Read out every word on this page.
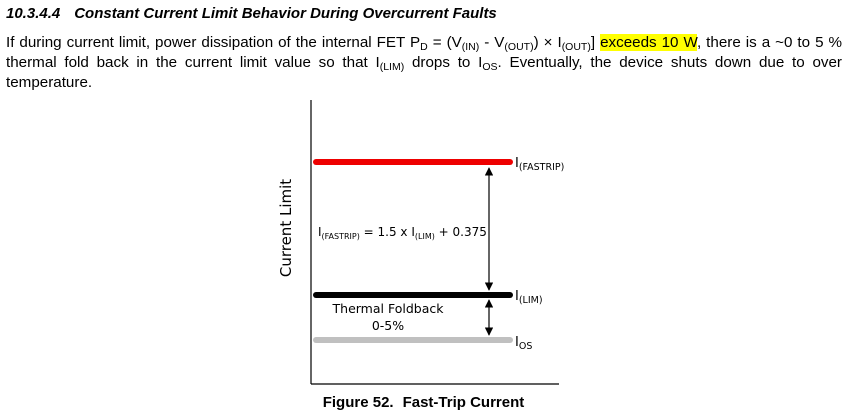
10.3.4.4 Constant Current Limit Behavior During Overcurrent Faults
If during current limit, power dissipation of the internal FET $P_D = (V_{(IN)} - V_{(OUT)}) \times I_{(OUT)}$] exceeds 10 W, there is a ~0 to 5 % thermal fold back in the current limit value so that $I_{(LIM)}$ drops to $I_{OS}$. Eventually, the device shuts down due to over temperature.
Current Limit
$I_{(FASTRIP)}$
$I_{(LIM)}$
$I_{OS}$
$I_{(FASTRIP)} = 1.5$ x $I_{(LIM)} + 0.375$
Thermal Foldback
0-5%
Figure 52. Fast-Trip Current
